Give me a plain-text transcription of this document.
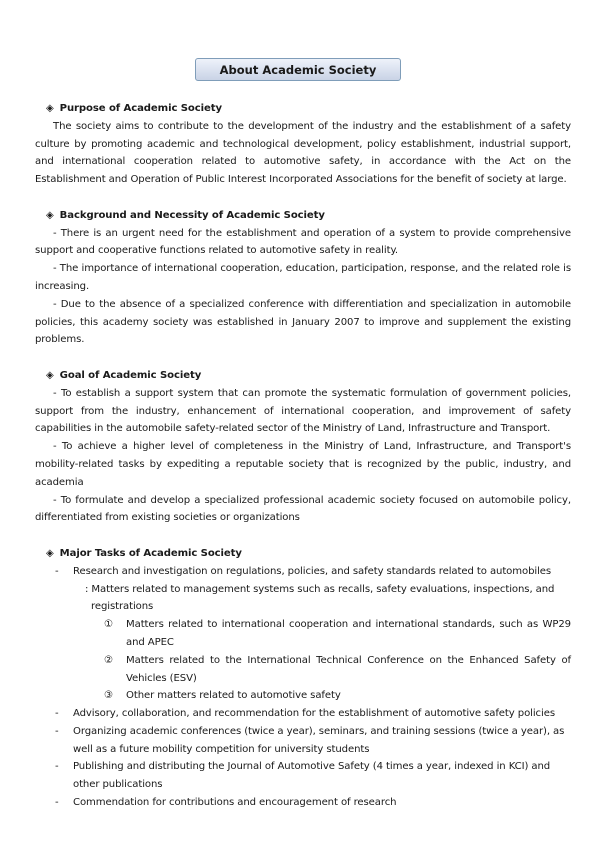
About Academic Society

◈ Purpose of Academic Society

The society aims to contribute to the development of the industry and the establishment of a safety culture by promoting academic and technological development, policy establishment, industrial support, and international cooperation related to automotive safety, in accordance with the Act on the Establishment and Operation of Public Interest Incorporated Associations for the benefit of society at large.

◈ Background and Necessity of Academic Society

- There is an urgent need for the establishment and operation of a system to provide comprehensive support and cooperative functions related to automotive safety in reality.

- The importance of international cooperation, education, participation, response, and the related role is increasing.

- Due to the absence of a specialized conference with differentiation and specialization in automobile policies, this academy society was established in January 2007 to improve and supplement the existing problems.

◈ Goal of Academic Society

- To establish a support system that can promote the systematic formulation of government policies, support from the industry, enhancement of international cooperation, and improvement of safety capabilities in the automobile safety-related sector of the Ministry of Land, Infrastructure and Transport.

- To achieve a higher level of completeness in the Ministry of Land, Infrastructure, and Transport's mobility-related tasks by expediting a reputable society that is recognized by the public, industry, and academia

- To formulate and develop a specialized professional academic society focused on automobile policy, differentiated from existing societies or organizations

◈ Major Tasks of Academic Society

- Research and investigation on regulations, policies, and safety standards related to automobiles

: Matters related to management systems such as recalls, safety evaluations, inspections, and registrations

① Matters related to international cooperation and international standards, such as WP29 and APEC

② Matters related to the International Technical Conference on the Enhanced Safety of Vehicles (ESV)

③ Other matters related to automotive safety

- Advisory, collaboration, and recommendation for the establishment of automotive safety policies

- Organizing academic conferences (twice a year), seminars, and training sessions (twice a year), as well as a future mobility competition for university students

- Publishing and distributing the Journal of Automotive Safety (4 times a year, indexed in KCI) and other publications

- Commendation for contributions and encouragement of research
